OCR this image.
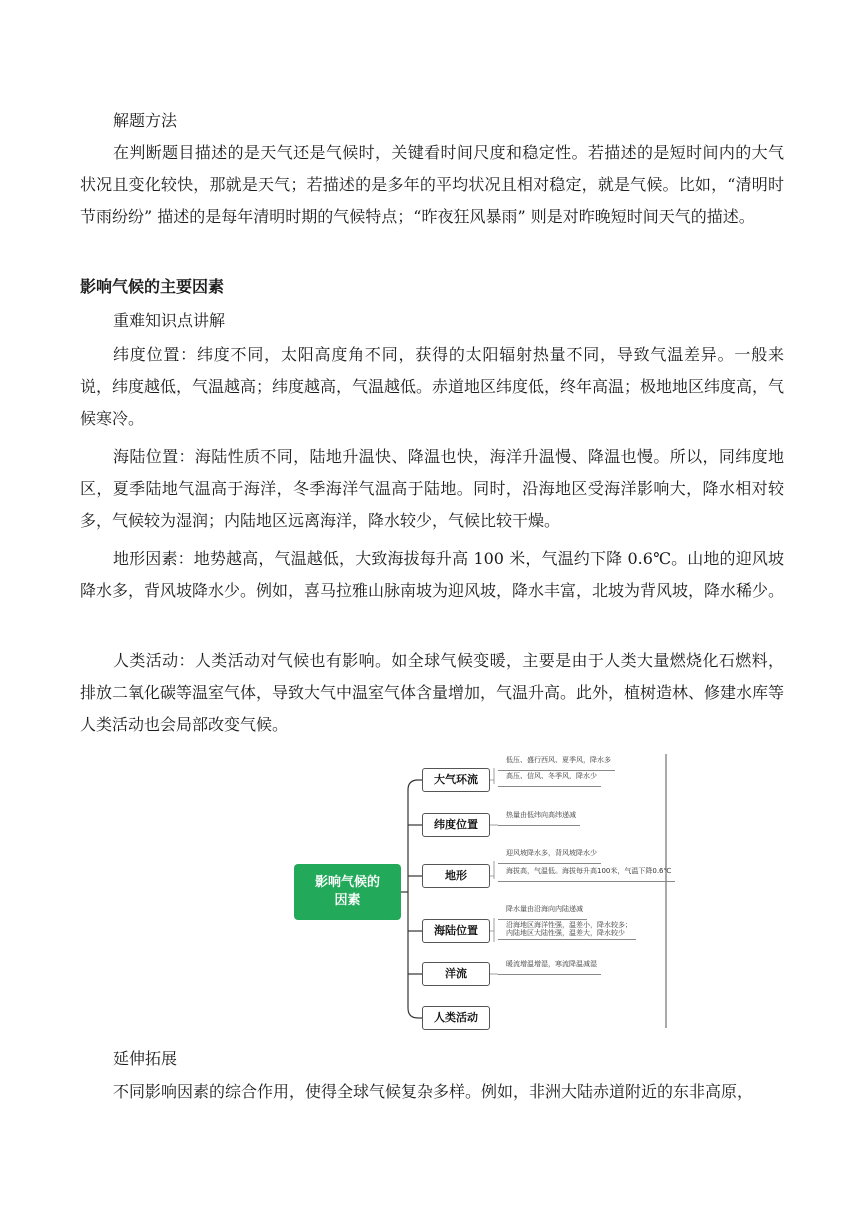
解题方法

在判断题目描述的是天气还是气候时，关键看时间尺度和稳定性。若描述的是短时间内的大气状况且变化较快，那就是天气；若描述的是多年的平均状况且相对稳定，就是气候。比如，“清明时节雨纷纷” 描述的是每年清明时期的气候特点；“昨夜狂风暴雨” 则是对昨晚短时间天气的描述。

影响气候的主要因素

重难知识点讲解

纬度位置：纬度不同，太阳高度角不同，获得的太阳辐射热量不同，导致气温差异。一般来说，纬度越低，气温越高；纬度越高，气温越低。赤道地区纬度低，终年高温；极地地区纬度高，气候寒冷。

海陆位置：海陆性质不同，陆地升温快、降温也快，海洋升温慢、降温也慢。所以，同纬度地区，夏季陆地气温高于海洋，冬季海洋气温高于陆地。同时，沿海地区受海洋影响大，降水相对较多，气候较为湿润；内陆地区远离海洋，降水较少，气候比较干燥。

地形因素：地势越高，气温越低，大致海拔每升高 100 米，气温约下降 0.6℃。山地的迎风坡降水多，背风坡降水少。例如，喜马拉雅山脉南坡为迎风坡，降水丰富，北坡为背风坡，降水稀少。

人类活动：人类活动对气候也有影响。如全球气候变暖，主要是由于人类大量燃烧化石燃料，排放二氧化碳等温室气体，导致大气中温室气体含量增加，气温升高。此外，植树造林、修建水库等人类活动也会局部改变气候。

影响气候的
因素
大气环流
低压、盛行西风、夏季风，降水多
高压、信风、冬季风，降水少
纬度位置
热量由低纬向高纬递减
地形
迎风坡降水多，背风坡降水少
海拔高，气温低。海拔每升高100米，气温下降0.6℃
海陆位置
降水量由沿海向内陆递减
沿海地区海洋性强，温差小，降水较多；
内陆地区大陆性强，温差大，降水较少
洋流
暖流增温增湿，寒流降温减湿
人类活动

延伸拓展

不同影响因素的综合作用，使得全球气候复杂多样。例如，非洲大陆赤道附近的东非高原，
